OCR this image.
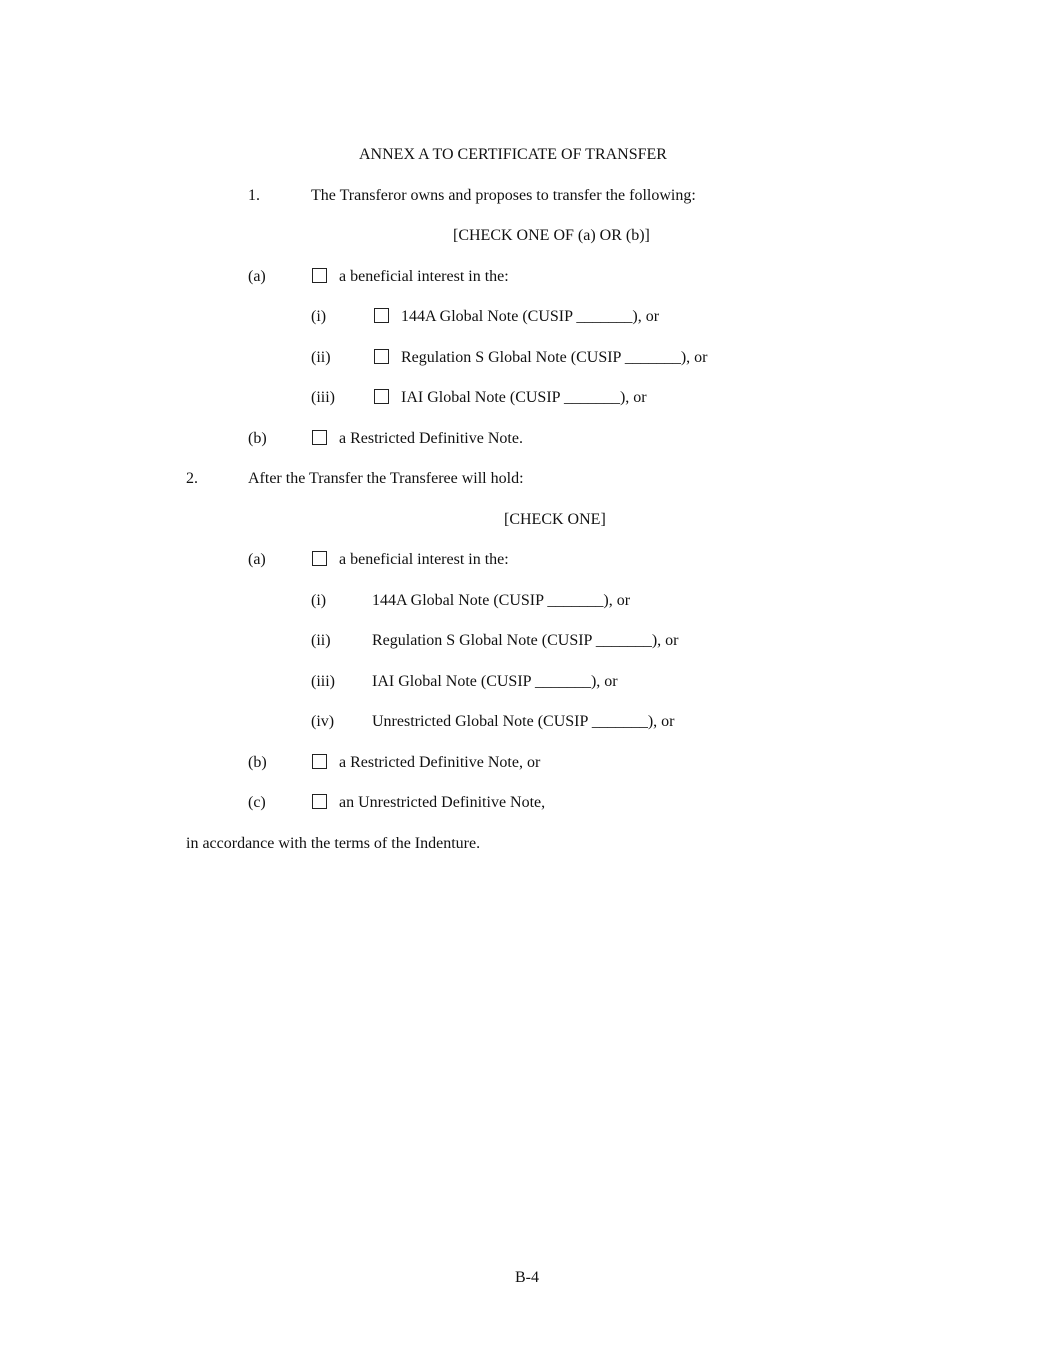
ANNEX A TO CERTIFICATE OF TRANSFER
1.	The Transferor owns and proposes to transfer the following:
[CHECK ONE OF (a) OR (b)]
(a)	a beneficial interest in the:
(i)	144A Global Note (CUSIP _______), or
(ii)	Regulation S Global Note (CUSIP _______), or
(iii)	IAI Global Note (CUSIP _______), or
(b)	a Restricted Definitive Note.
2.	After the Transfer the Transferee will hold:
[CHECK ONE]
(a)	a beneficial interest in the:
(i)	144A Global Note (CUSIP _______), or
(ii)	Regulation S Global Note (CUSIP _______), or
(iii) IAI Global Note (CUSIP _______), or
(iv) Unrestricted Global Note (CUSIP _______), or
(b)	a Restricted Definitive Note, or
(c)	an Unrestricted Definitive Note,
in accordance with the terms of the Indenture.
B-4
